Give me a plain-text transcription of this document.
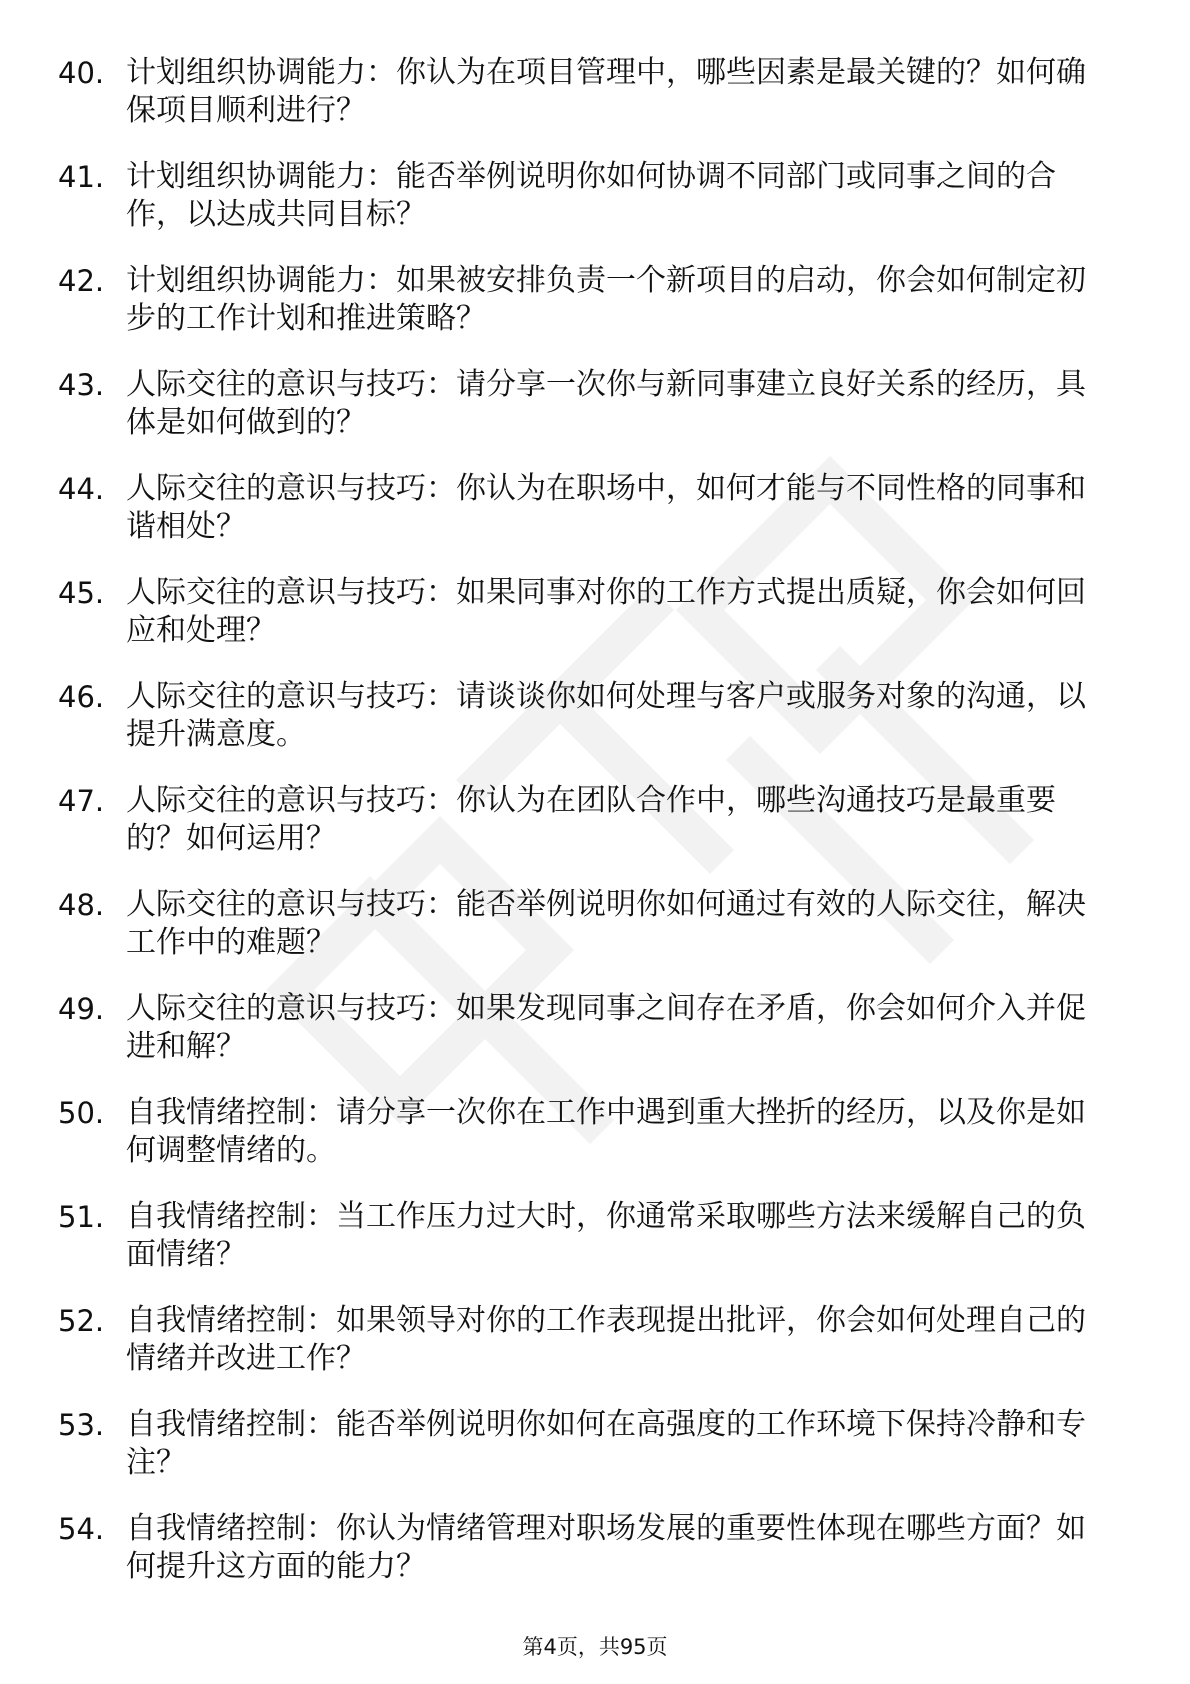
40. 计划组织协调能力：你认为在项目管理中，哪些因素是最关键的？如何确保项目顺利进行？
41. 计划组织协调能力：能否举例说明你如何协调不同部门或同事之间的合作，以达成共同目标？
42. 计划组织协调能力：如果被安排负责一个新项目的启动，你会如何制定初步的工作计划和推进策略？
43. 人际交往的意识与技巧：请分享一次你与新同事建立良好关系的经历，具体是如何做到的？
44. 人际交往的意识与技巧：你认为在职场中，如何才能与不同性格的同事和谐相处？
45. 人际交往的意识与技巧：如果同事对你的工作方式提出质疑，你会如何回应和处理？
46. 人际交往的意识与技巧：请谈谈你如何处理与客户或服务对象的沟通，以提升满意度。
47. 人际交往的意识与技巧：你认为在团队合作中，哪些沟通技巧是最重要的？如何运用？
48. 人际交往的意识与技巧：能否举例说明你如何通过有效的人际交往，解决工作中的难题？
49. 人际交往的意识与技巧：如果发现同事之间存在矛盾，你会如何介入并促进和解？
50. 自我情绪控制：请分享一次你在工作中遇到重大挫折的经历，以及你是如何调整情绪的。
51. 自我情绪控制：当工作压力过大时，你通常采取哪些方法来缓解自己的负面情绪？
52. 自我情绪控制：如果领导对你的工作表现提出批评，你会如何处理自己的情绪并改进工作？
53. 自我情绪控制：能否举例说明你如何在高强度的工作环境下保持冷静和专注？
54. 自我情绪控制：你认为情绪管理对职场发展的重要性体现在哪些方面？如何提升这方面的能力？
第4页，共95页
